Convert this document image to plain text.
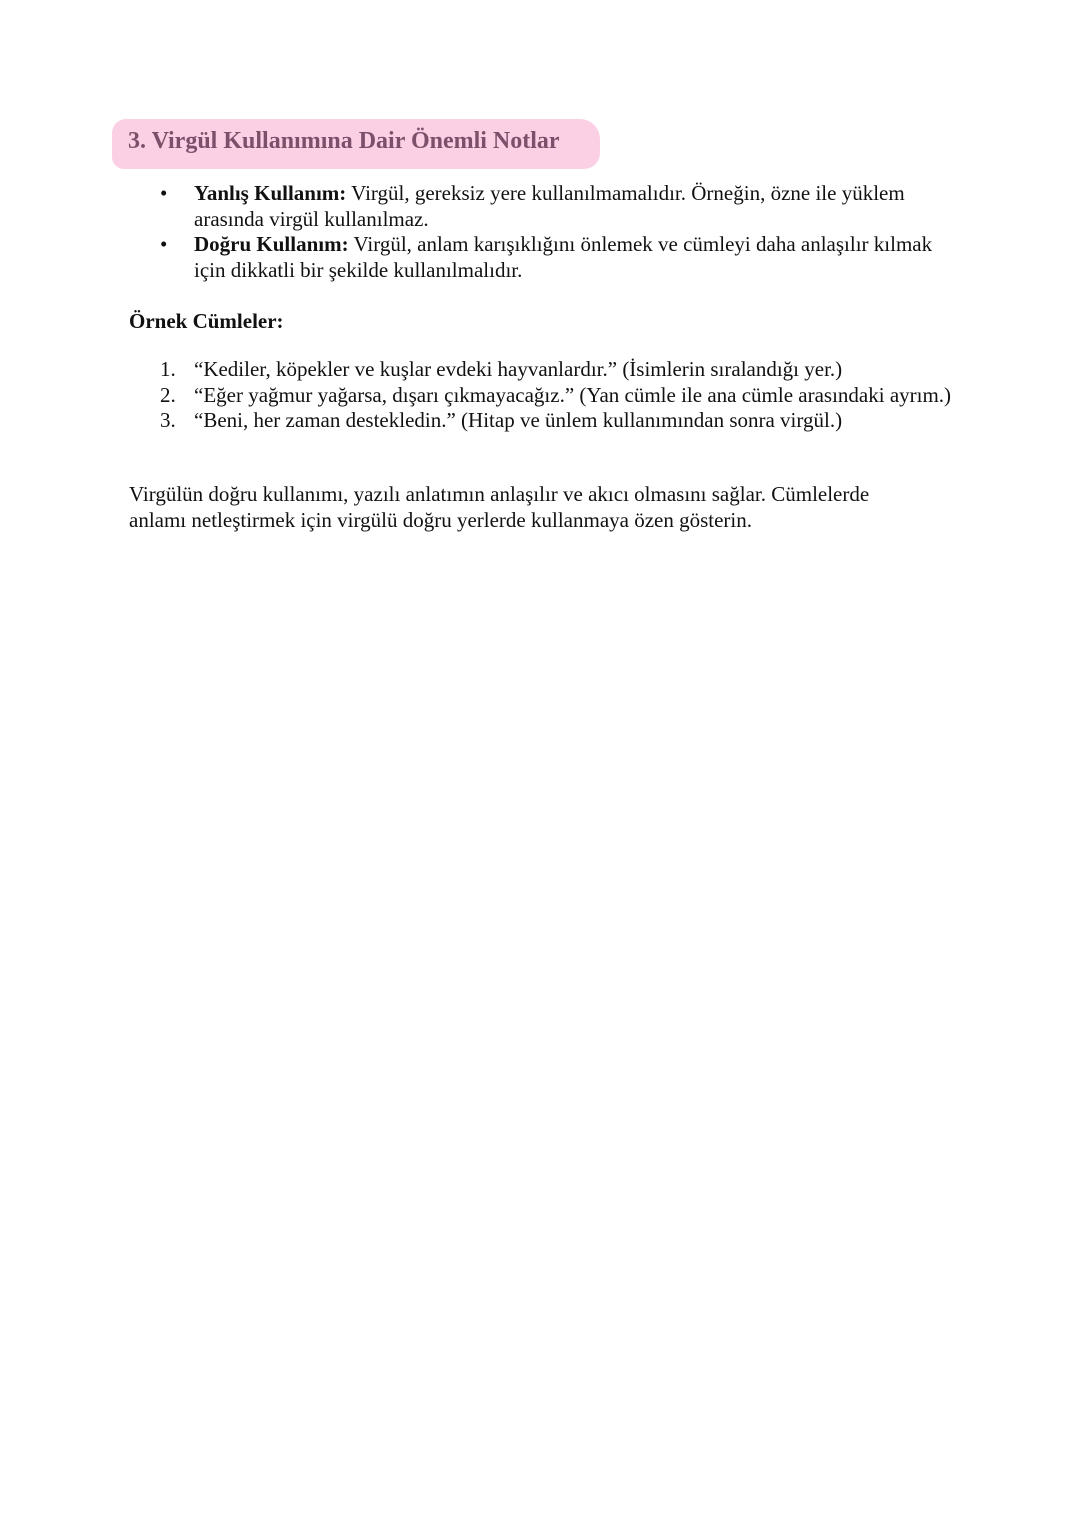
3. Virgül Kullanımına Dair Önemli Notlar
• Yanlış Kullanım: Virgül, gereksiz yere kullanılmamalıdır. Örneğin, özne ile yüklem arasında virgül kullanılmaz.
• Doğru Kullanım: Virgül, anlam karışıklığını önlemek ve cümleyi daha anlaşılır kılmak için dikkatli bir şekilde kullanılmalıdır.

Örnek Cümleler:

1. “Kediler, köpekler ve kuşlar evdeki hayvanlardır.” (İsimlerin sıralandığı yer.)
2. “Eğer yağmur yağarsa, dışarı çıkmayacağız.” (Yan cümle ile ana cümle arasındaki ayrım.)
3. “Beni, her zaman destekledin.” (Hitap ve ünlem kullanımından sonra virgül.)

Virgülün doğru kullanımı, yazılı anlatımın anlaşılır ve akıcı olmasını sağlar. Cümlelerde anlamı netleştirmek için virgülü doğru yerlerde kullanmaya özen gösterin.
